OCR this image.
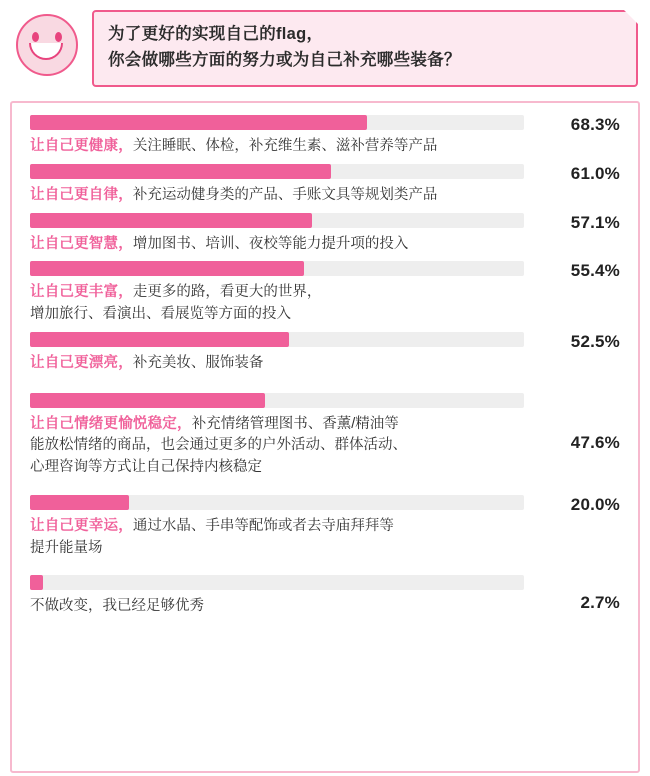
为了更好的实现自己的flag，
你会做哪些方面的努力或为自己补充哪些装备？
68.3%
让自己更健康，关注睡眠、体检，补充维生素、滋补营养等产品
61.0%
让自己更自律，补充运动健身类的产品、手账文具等规划类产品
57.1%
让自己更智慧，增加图书、培训、夜校等能力提升项的投入
55.4%
让自己更丰富，走更多的路，看更大的世界，
增加旅行、看演出、看展览等方面的投入
52.5%
让自己更漂亮，补充美妆、服饰装备
47.6%
让自己情绪更愉悦稳定，补充情绪管理图书、香薰/精油等
能放松情绪的商品，也会通过更多的户外活动、群体活动、
心理咨询等方式让自己保持内核稳定
20.0%
让自己更幸运，通过水晶、手串等配饰或者去寺庙拜拜等
提升能量场
2.7%
不做改变，我已经足够优秀
